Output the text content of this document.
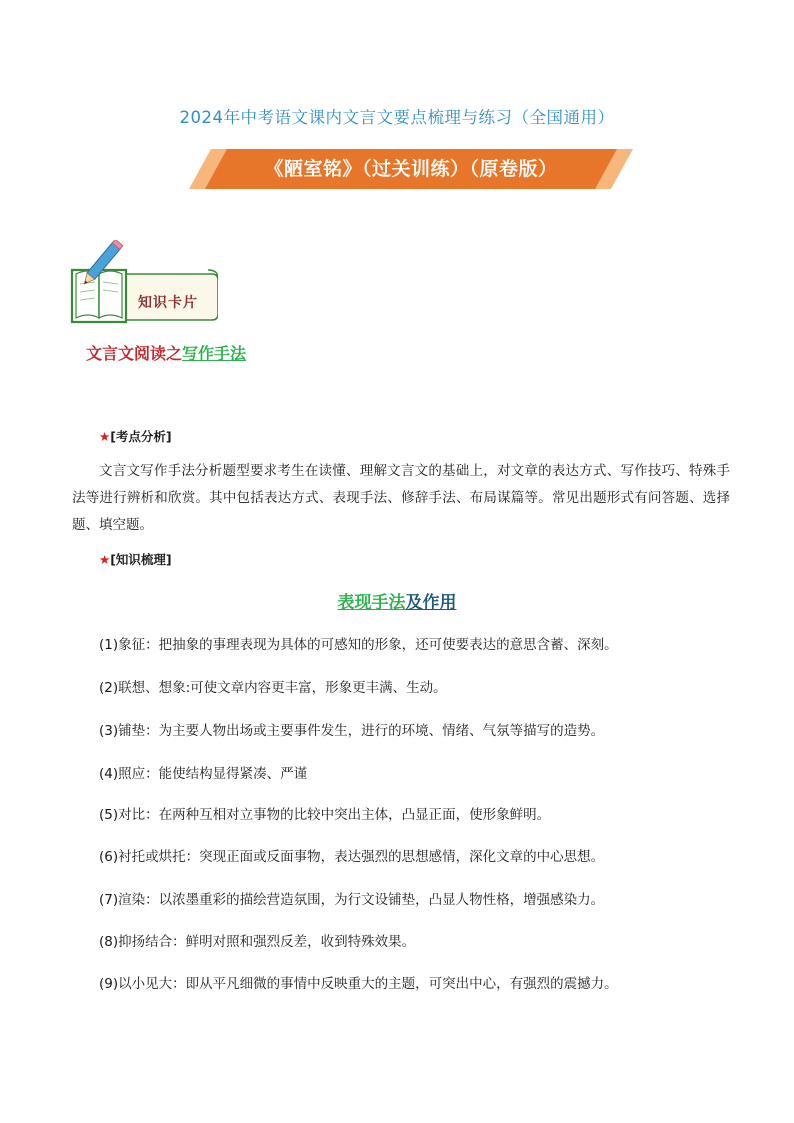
2024年中考语文课内文言文要点梳理与练习（全国通用）
《陋室铭》（过关训练）（原卷版）
知识卡片
文言文阅读之写作手法
★[考点分析]
文言文写作手法分析题型要求考生在读懂、理解文言文的基础上，对文章的表达方式、写作技巧、特殊手法等进行辨析和欣赏。其中包括表达方式、表现手法、修辞手法、布局谋篇等。常见出题形式有问答题、选择题、填空题。
★[知识梳理]
表现手法及作用
(1)象征：把抽象的事理表现为具体的可感知的形象，还可使要表达的意思含蓄、深刻。
(2)联想、想象:可使文章内容更丰富，形象更丰满、生动。
(3)铺垫：为主要人物出场或主要事件发生，进行的环境、情绪、气氛等描写的造势。
(4)照应：能使结构显得紧凑、严谨
(5)对比：在两种互相对立事物的比较中突出主体，凸显正面，使形象鲜明。
(6)衬托或烘托：突现正面或反面事物，表达强烈的思想感情，深化文章的中心思想。
(7)渲染：以浓墨重彩的描绘营造氛围，为行文设铺垫，凸显人物性格，增强感染力。
(8)抑扬结合：鲜明对照和强烈反差，收到特殊效果。
(9)以小见大：即从平凡细微的事情中反映重大的主题，可突出中心，有强烈的震撼力。
